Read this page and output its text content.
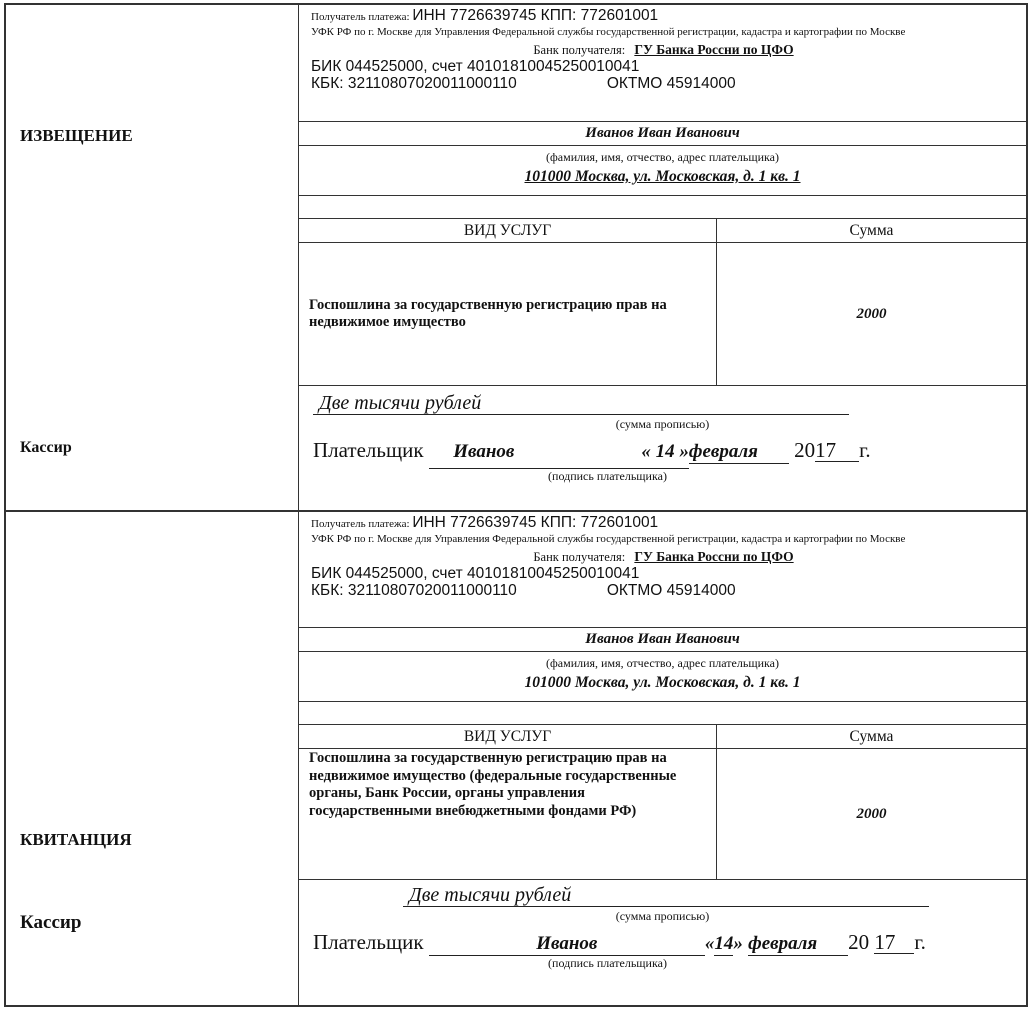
ИЗВЕЩЕНИЕ
Кассир
Получатель платежа: ИНН 7726639745 КПП: 772601001
УФК РФ по г. Москве для Управления Федеральной службы государственной регистрации, кадастра и картографии по Москве
Банк получателя: ГУ Банка Россни по ЦФО
БИК 044525000, счет 40101810045250010041
КБК: 32110807020011000110	ОКТМО 45914000
Иванов Иван Иванович
(фамилия, имя, отчество, адрес плательщика)
101000 Москва, ул. Московская, д. 1 кв. 1
ВИД УСЛУГ	Сумма
Госпошлина за государственную регистрацию прав на недвижимое имущество
2000
Две тысячи рублей
(сумма прописью)
Плательщик Иванов	« 14 »февраля 2017 г.
(подпись плательщика)
КВИТАНЦИЯ
Кассир
Получатель платежа: ИНН 7726639745 КПП: 772601001
УФК РФ по г. Москве для Управления Федеральной службы государственной регистрации, кадастра и картографии по Москве
Банк получателя: ГУ Банка Россни по ЦФО
БИК 044525000, счет 40101810045250010041
КБК: 32110807020011000110	ОКТМО 45914000
Иванов Иван Иванович
(фамилия, имя, отчество, адрес плательщика)
101000 Москва, ул. Московская, д. 1 кв. 1
ВИД УСЛУГ	Сумма
Госпошлина за государственную регистрацию прав на недвижимое имущество (федеральные государственные органы, Банк России, органы управления государственными внебюджетными фондами РФ)	2000
Две тысячи рублей
(сумма прописью)
Плательщик	Иванов	«14» февраля 20 17 г.
(подпись плательщика)
